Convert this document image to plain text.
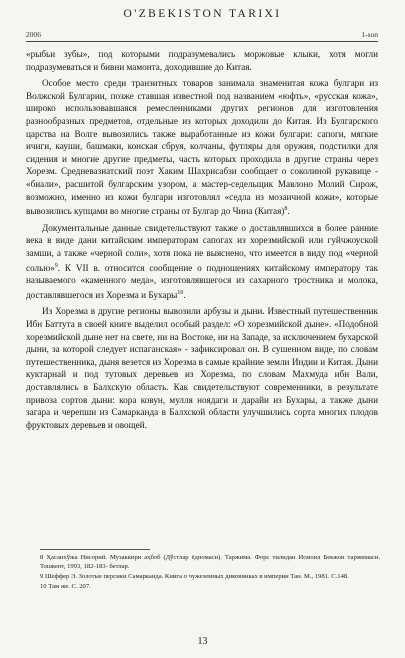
O'ZBEKISTON TARIXI
2006	1-son

«рыбьи зубы», под которыми подразумевались моржовые клыки, хотя могли подразумеваться и бивни мамонта, доходившие до Китая.

Особое место среди транзитных товаров занимала знаменитая кожа булгари из Волжской Булгарии, позже ставшая известной под названием «юфть», «русская кожа», широко использовавшаяся ремесленниками других регионов для изготовления разнообразных предметов, отдельные из которых доходили до Китая. Из Булгарского царства на Волге вывозились также выработанные из кожи булгари: сапоги, мягкие ичиги, кауши, башмаки, конская сбруя, колчаны, футляры для оружия, подстилки для сидения и многие другие предметы, часть которых проходила в другие страны через Хорезм. Средневазиатский поэт Хаким Шахрисабзи сообщает о соколиной рукавице - «биали», расшитой булгарским узором, а мастер-седельщик Мавлоно Молий Сирож, возможно, именно из кожи булгари изготовлял «седла из мозаичной кожи», которые вывозились купцами во многие страны от Булгар до Чина (Китая)$^8$.

Документальные данные свидетельствуют также о доставлявшихся в более ранние века в виде дани китайским императорам сапогах из хорезмийской или гуйчжоуской замши, а также «черной соли», хотя пока не выяснено, что имеется в виду под «черной солью»$^9$. К VII в. относится сообщение о подношениях китайскому императору так называемого «каменного меда», изготовлявшегося из сахарного тростника и молока, доставлявшегося из Хорезма и Бухары$^{10}$.

Из Хорезма в другие регионы вывозили арбузы и дыни. Известный путешественник Ибн Баттута в своей книге выделил особый раздел: «О хорезмийской дыне». «Подобной хорезмийской дыне нет на свете, ни на Востоке, ни на Западе, за исключением бухарской дыни, за которой следует испаганская» - зафиксировал он. В сушенном виде, по словам путешественника, дыня везется из Хорезма в самые крайние земли Индии и Китая. Дыни куктарнай и под тутовых деревьев из Хорезма, по словам Махмуда ибн Вали, доставлялись в Балхскую область. Как свидетельствуют современники, в результате привоза сортов дыни: кора ковун, мулля ноядаги и дарайи из Бухары, а также дыни загара и черепши из Самарканда в Балхской области улучшились сорта многих плодов фруктовых деревьев и овощей.

8 Ҳасанхўжа Нисорий. Музаккири аҳбоб (Дўстлар ёдномаси). Таржима. Форс тилидан Исмоил Бекжон таржимаси. Тошкент, 1993, 182-183- бетлар.

9 Шеффер Э. Золотые персики Самарканда. Книга о чужеземных диковинках в империи Тан. М., 1981. С.148.

10 Там же. С. 207.

13
